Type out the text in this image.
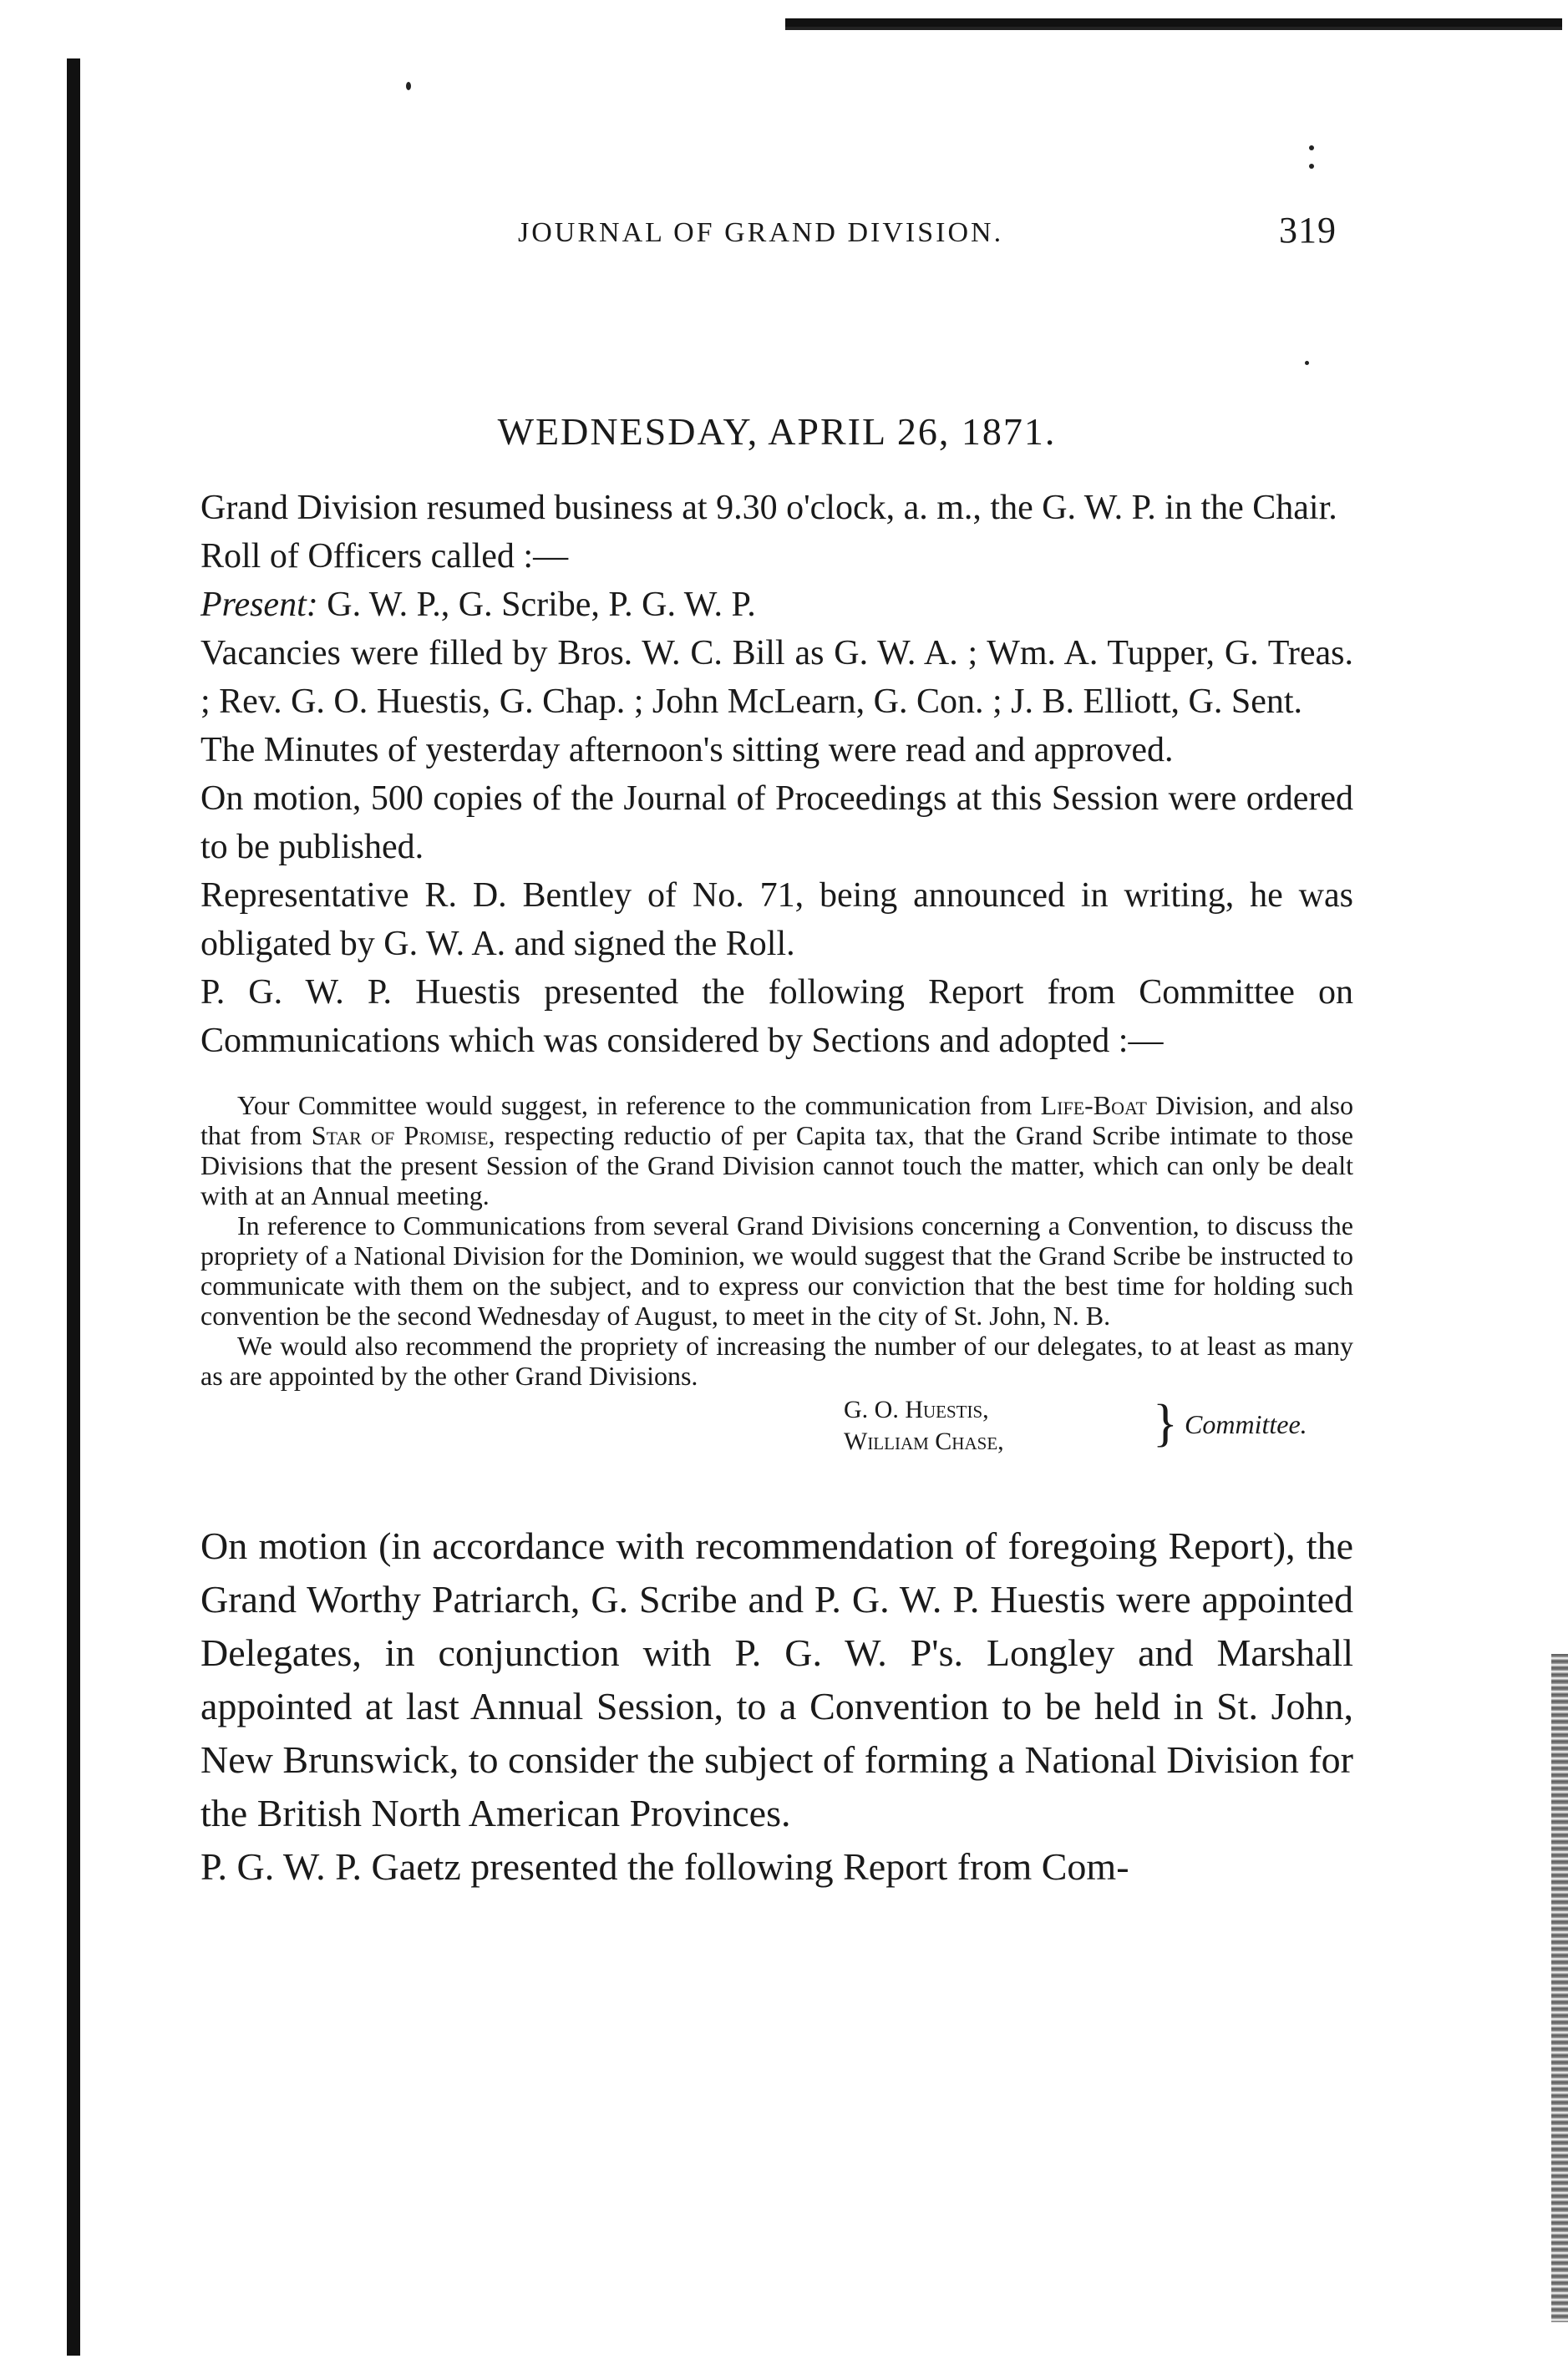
JOURNAL OF GRAND DIVISION.	319
WEDNESDAY, APRIL 26, 1871.

Grand Division resumed business at 9.30 o'clock, a. m., the G. W. P. in the Chair.

Roll of Officers called :—

Present: G. W. P., G. Scribe, P. G. W. P.

Vacancies were filled by Bros. W. C. Bill as G. W. A. ; Wm. A. Tupper, G. Treas. ; Rev. G. O. Huestis, G. Chap. ; John McLearn, G. Con. ; J. B. Elliott, G. Sent.

The Minutes of yesterday afternoon's sitting were read and approved.

On motion, 500 copies of the Journal of Proceedings at this Session were ordered to be published.

Representative R. D. Bentley of No. 71, being announced in writing, he was obligated by G. W. A. and signed the Roll.

P. G. W. P. Huestis presented the following Report from Committee on Communications which was considered by Sections and adopted :—

Your Committee would suggest, in reference to the communication from Life-Boat Division, and also that from Star of Promise, respecting reductio of per Capita tax, that the Grand Scribe intimate to those Divisions that the present Session of the Grand Division cannot touch the matter, which can only be dealt with at an Annual meeting.

In reference to Communications from several Grand Divisions concerning a Convention, to discuss the propriety of a National Division for the Dominion, we would suggest that the Grand Scribe be instructed to communicate with them on the subject, and to express our conviction that the best time for holding such convention be the second Wednesday of August, to meet in the city of St. John, N. B.

We would also recommend the propriety of increasing the number of our delegates, to at least as many as are appointed by the other Grand Divisions.

G. O. Huestis,
William Chase,	} Committee.

On motion (in accordance with recommendation of foregoing Report), the Grand Worthy Patriarch, G. Scribe and P. G. W. P. Huestis were appointed Delegates, in conjunction with P. G. W. P's. Longley and Marshall appointed at last Annual Session, to a Convention to be held in St. John, New Brunswick, to consider the subject of forming a National Division for the British North American Provinces.

P. G. W. P. Gaetz presented the following Report from Com-
